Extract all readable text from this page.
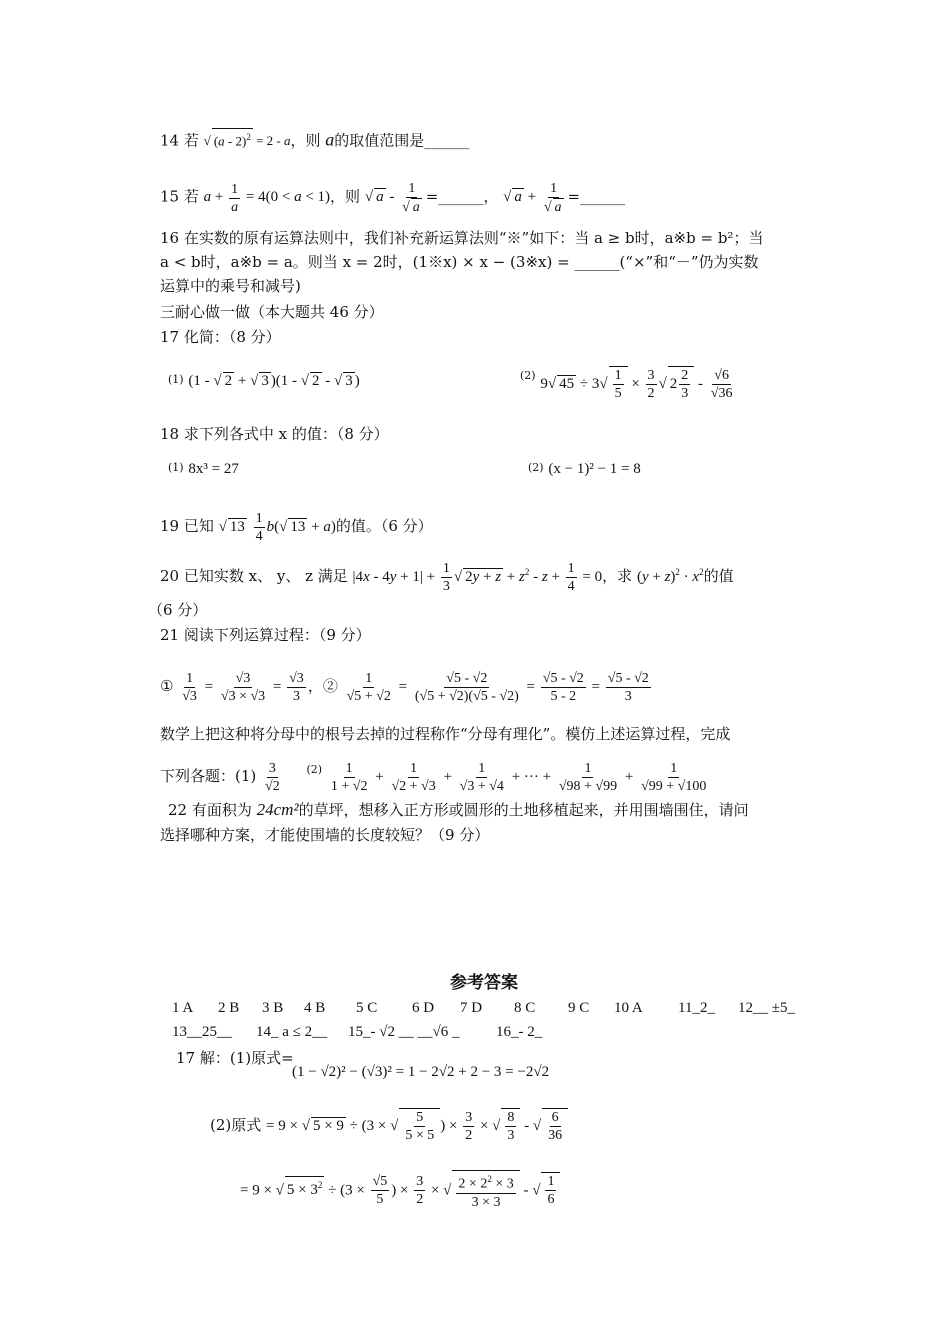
14 若 √ (a - 2)$^2$ = 2 - a，则 a的取值范围是______
15 若 $a + \frac{1}{a} = 4(0 < a < 1)$，则 √ a - $\frac{1}{√ a}$ =______， √ $a + \frac{1}{√ a}$ =______
16 在实数的原有运算法则中，我们补充新运算法则“※”如下：当 a ≥ b时，a※b = b²；当
a < b时，a※b = a。则当 x = 2时，(1※x) × x − (3※x) = ______(“×”和“－”仍为实数
运算中的乘号和减号)
三耐心做一做（本大题共 46 分）
17 化简：（8 分）
$^{(1)}$ (1 - √ 2 + √ 3 )(1 - √ 2 - √ 3 )	$^{(2)}$ 9√ $45 \div 3√ \frac{1}{5} \times \frac{3}{2}$ √ $2 \frac{2}{3} - \frac{√6}{√36}$
18 求下列各式中 x 的值：（8 分）
$^{(1)}$ 8x³ = 27	$^{(2)}$ (x − 1)² − 1 = 8
19 已知 √ $13 \frac{1}{4} b(√$ 13 + a)的值。（6 分）
20 已知实数 x、 y、 z 满足 $|4x - 4y + 1| + \frac{1}{3}$ √ $2y + z + z^2 - z + \frac{1}{4} = 0$，求 $(y + z)^2 \cdot x^2$的值
（6 分）
21 阅读下列运算过程：（9 分）
① $\frac{1}{√3} = \frac{√3}{√3 \times √3} = \frac{√3}{3}$ ，② $\frac{1}{√5 + √2} = \frac{√5 - √2}{(√5 + √2)(√5 - √2)} = \frac{√5 - √2}{5 - 2} = \frac{√5 - √2}{3}$
数学上把这种将分母中的根号去掉的过程称作“分母有理化”。模仿上述运算过程，完成
下列各题：$(1) \frac{3}{√2} ^{(2)} \frac{1}{1 + √2} + \frac{1}{√2 + √3} + \frac{1}{√3 + √4}$ + ··· + $\frac{1}{√98 + √99} + \frac{1}{√99 + √100}$
22 有面积为 24cm²的草坪，想移入正方形或圆形的土地移植起来，并用围墙围住，请问
选择哪种方案，才能使围墙的长度较短？（9 分）
参考答案
1 A 2 B 3 B 4 B 5 C 6 D 7 D 8 C 9 C 10 A 11_2_ 12__ ±5_
13__25__ 14_ a ≤ 2__ 15_- √2 __ __√6 _ 16_- 2_
17 解：(1)原式=
(1 − √2)² − (√3)² = 1 − 2√2 + 2 − 3 = −2√2
(2)原式 = 9 × √ 5 × 9 ÷ (3 × √ $\frac{5}{5 \times 5}$ ) × $\frac{3}{2}$ × √ $\frac{8}{3}$ - √ $\frac{6}{36}$
= 9 × √ $5 \times 3^2 \div (3 \times \frac{√5}{5}$ ) × $\frac{3}{2}$ × √ $\frac{2 \times 2^2 \times 3}{3 \times 3}$ - √ $\frac{1}{6}$
